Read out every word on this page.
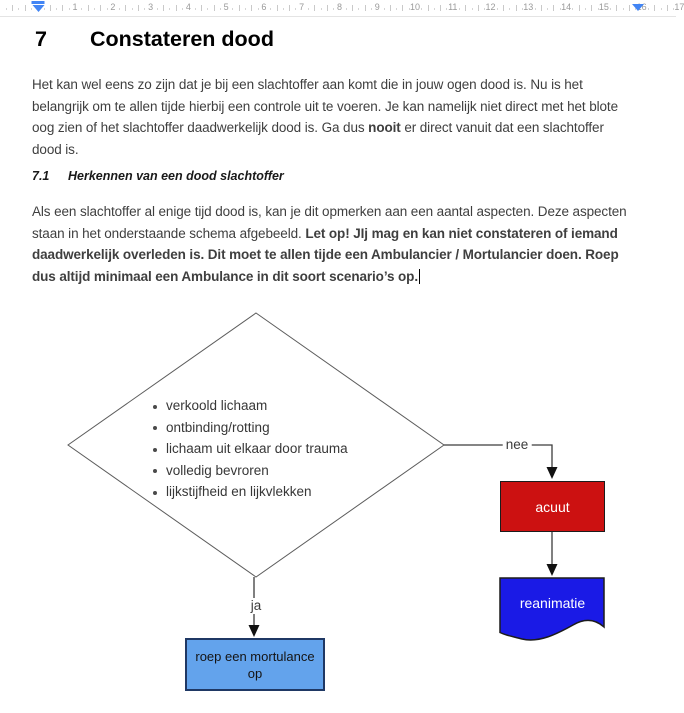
1	2	3	4	5	6	7	8	9	10	11	12	13	14	15	16	17
7 Constateren dood

Het kan wel eens zo zijn dat je bij een slachtoffer aan komt die in jouw ogen dood is. Nu is het belangrijk om te allen tijde hierbij een controle uit te voeren. Je kan namelijk niet direct met het blote oog zien of het slachtoffer daadwerkelijk dood is. Ga dus nooit er direct vanuit dat een slachtoffer dood is.

7.1 Herkennen van een dood slachtoffer

Als een slachtoffer al enige tijd dood is, kan je dit opmerken aan een aantal aspecten. Deze aspecten staan in het onderstaande schema afgebeeld. Let op! JIj mag en kan niet constateren of iemand daadwerkelijk overleden is. Dit moet te allen tijde een Ambulancier / Mortulancier doen. Roep dus altijd minimaal een Ambulance in dit soort scenario’s op.

verkoold lichaam
ontbinding/rotting
lichaam uit elkaar door trauma
volledig bevroren
lijkstijfheid en lijkvlekken
nee
ja
acuut
reanimatie
roep een mortulance op
